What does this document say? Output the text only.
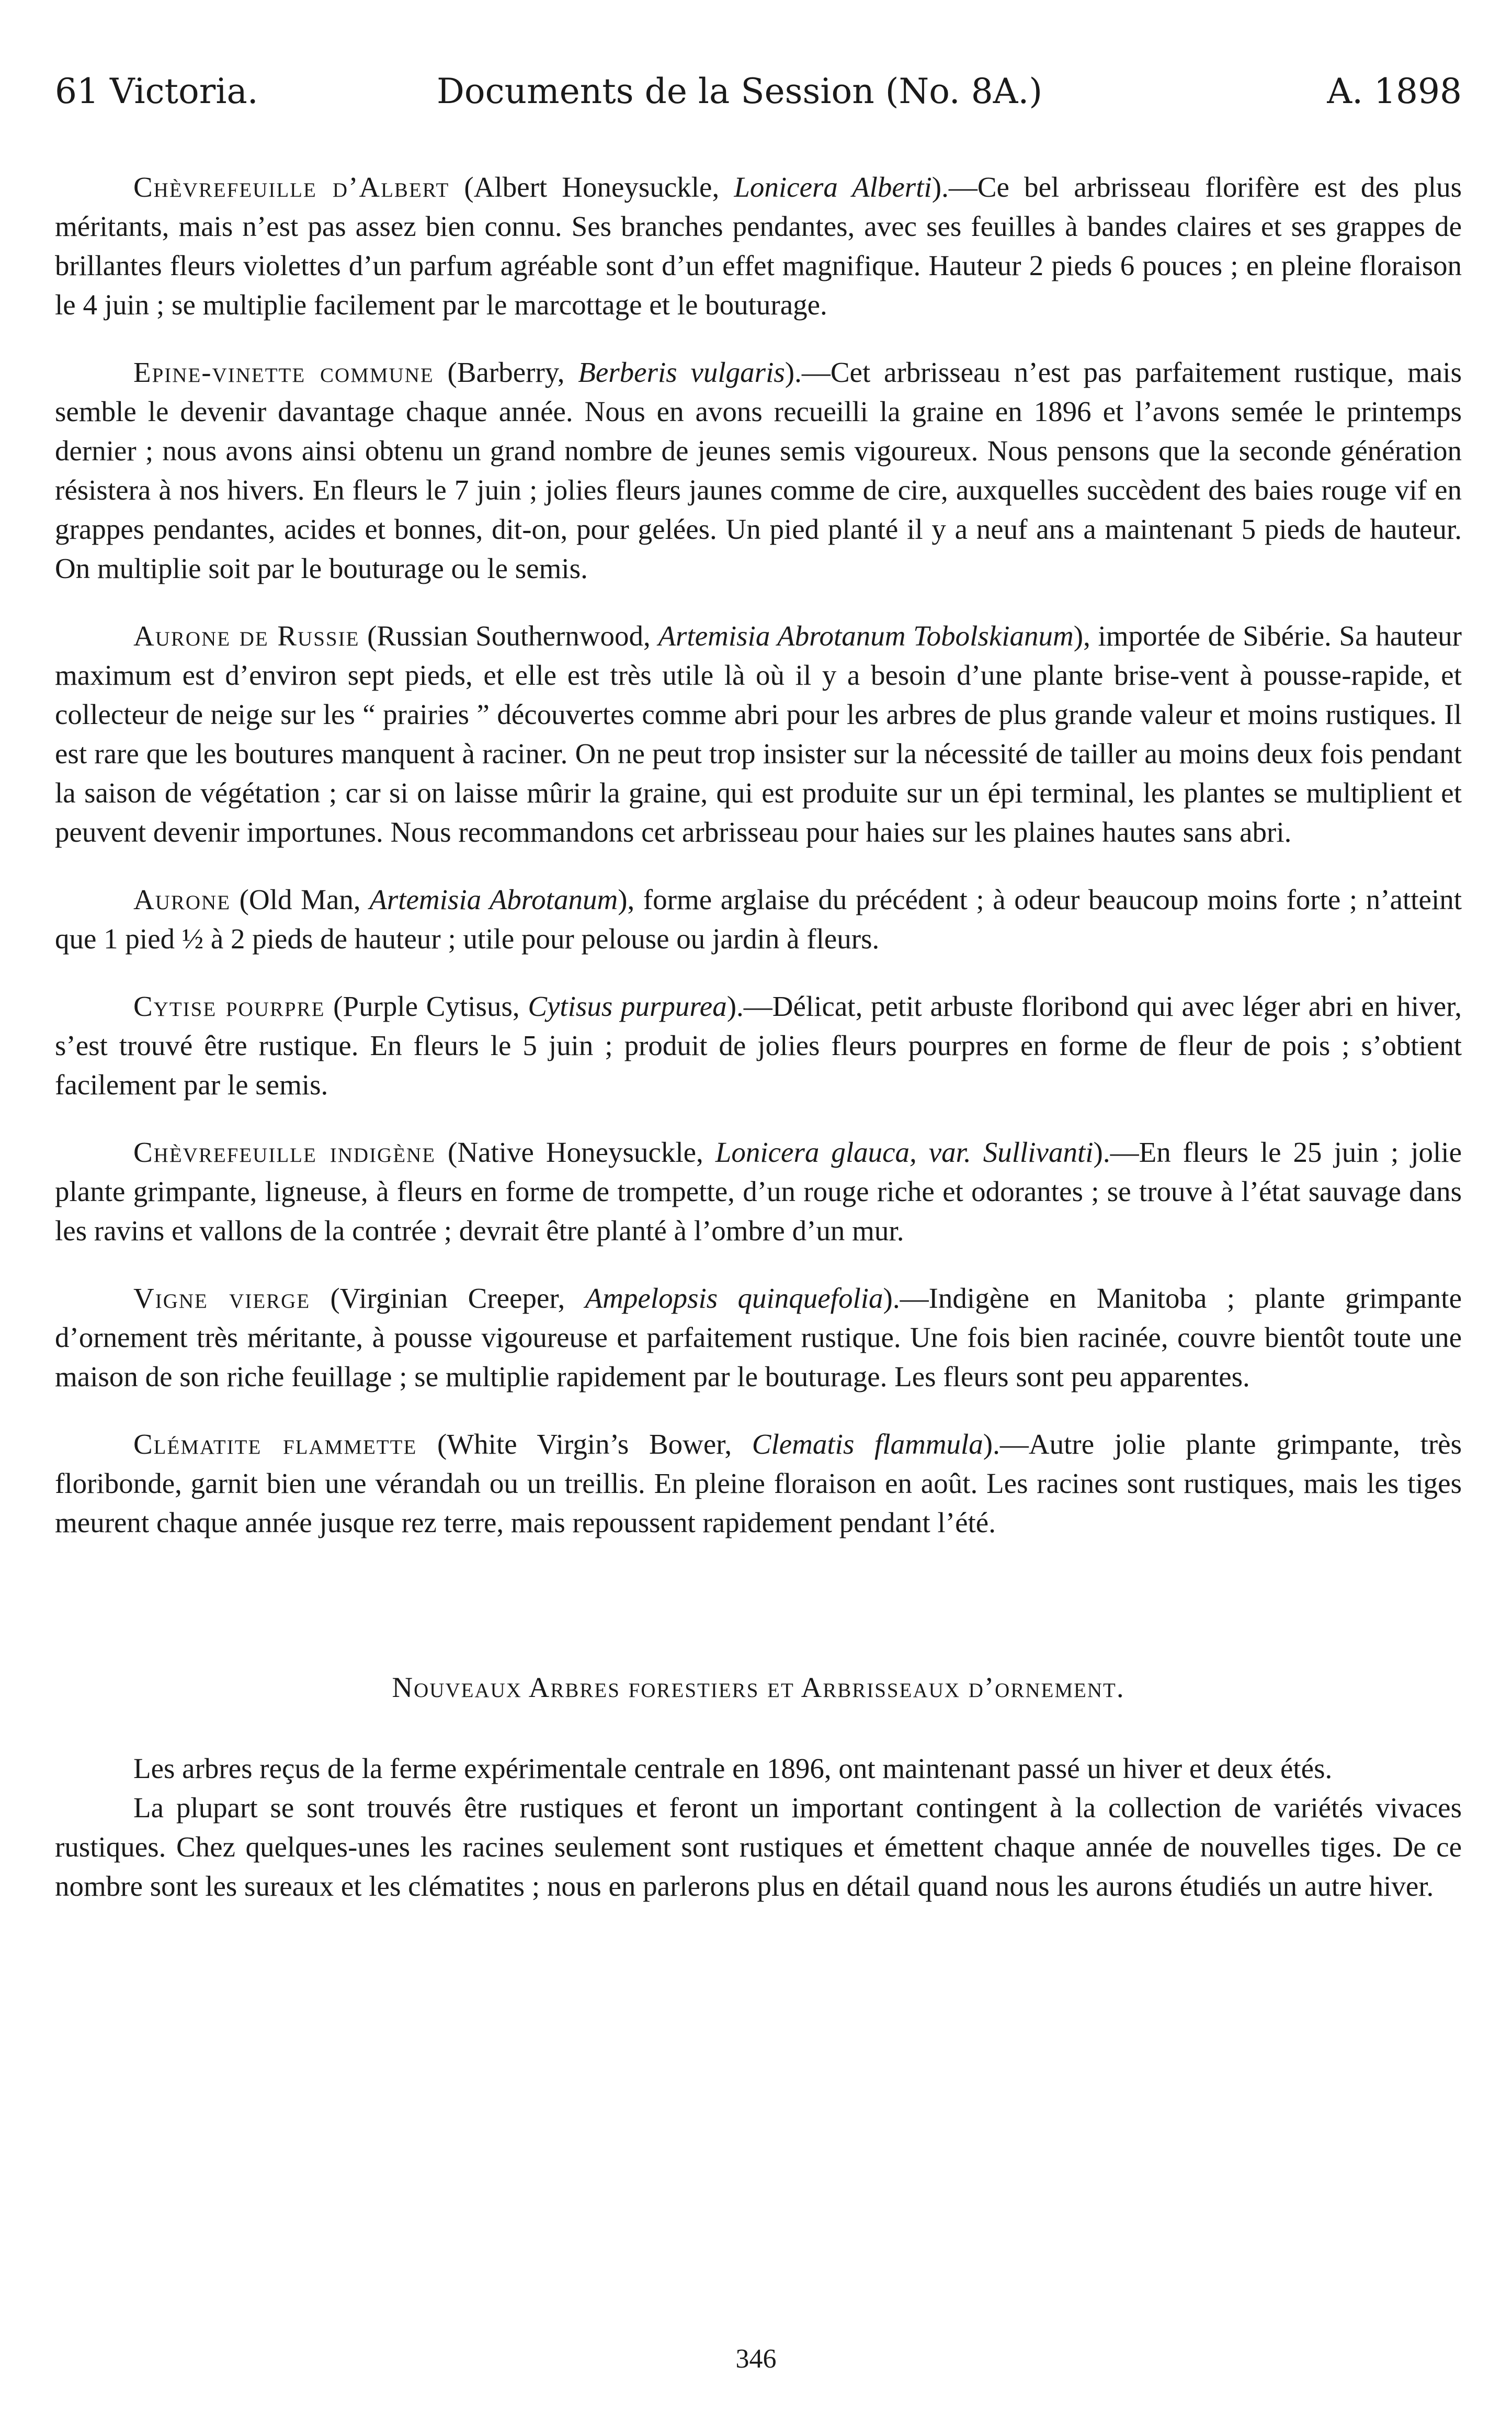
61 Victoria.	Documents de la Session (No. 8A.)	A. 1898

Chèvrefeuille d’Albert (Albert Honeysuckle, Lonicera Alberti).—Ce bel arbrisseau florifère est des plus méritants, mais n’est pas assez bien connu. Ses branches pendantes, avec ses feuilles à bandes claires et ses grappes de brillantes fleurs violettes d’un parfum agréable sont d’un effet magnifique. Hauteur 2 pieds 6 pouces ; en pleine floraison le 4 juin ; se multiplie facilement par le marcottage et le bouturage.

Epine-vinette commune (Barberry, Berberis vulgaris).—Cet arbrisseau n’est pas parfaitement rustique, mais semble le devenir davantage chaque année. Nous en avons recueilli la graine en 1896 et l’avons semée le printemps dernier ; nous avons ainsi obtenu un grand nombre de jeunes semis vigoureux. Nous pensons que la seconde génération résistera à nos hivers. En fleurs le 7 juin ; jolies fleurs jaunes comme de cire, auxquelles succèdent des baies rouge vif en grappes pendantes, acides et bonnes, dit-on, pour gelées. Un pied planté il y a neuf ans a maintenant 5 pieds de hauteur. On multiplie soit par le bouturage ou le semis.

Aurone de Russie (Russian Southernwood, Artemisia Abrotanum Tobolskianum), importée de Sibérie. Sa hauteur maximum est d’environ sept pieds, et elle est très utile là où il y a besoin d’une plante brise-vent à pousse-rapide, et collecteur de neige sur les “ prairies ” découvertes comme abri pour les arbres de plus grande valeur et moins rustiques. Il est rare que les boutures manquent à raciner. On ne peut trop insister sur la nécessité de tailler au moins deux fois pendant la saison de végétation ; car si on laisse mûrir la graine, qui est produite sur un épi terminal, les plantes se multiplient et peuvent devenir importunes. Nous recommandons cet arbrisseau pour haies sur les plaines hautes sans abri.

Aurone (Old Man, Artemisia Abrotanum), forme arglaise du précédent ; à odeur beaucoup moins forte ; n’atteint que 1 pied ½ à 2 pieds de hauteur ; utile pour pelouse ou jardin à fleurs.

Cytise pourpre (Purple Cytisus, Cytisus purpurea).—Délicat, petit arbuste floribond qui avec léger abri en hiver, s’est trouvé être rustique. En fleurs le 5 juin ; produit de jolies fleurs pourpres en forme de fleur de pois ; s’obtient facilement par le semis.

Chèvrefeuille indigène (Native Honeysuckle, Lonicera glauca, var. Sullivanti).—En fleurs le 25 juin ; jolie plante grimpante, ligneuse, à fleurs en forme de trompette, d’un rouge riche et odorantes ; se trouve à l’état sauvage dans les ravins et vallons de la contrée ; devrait être planté à l’ombre d’un mur.

Vigne vierge (Virginian Creeper, Ampelopsis quinquefolia).—Indigène en Manitoba ; plante grimpante d’ornement très méritante, à pousse vigoureuse et parfaitement rustique. Une fois bien racinée, couvre bientôt toute une maison de son riche feuillage ; se multiplie rapidement par le bouturage. Les fleurs sont peu apparentes.

Clématite flammette (White Virgin’s Bower, Clematis flammula).—Autre jolie plante grimpante, très floribonde, garnit bien une vérandah ou un treillis. En pleine floraison en août. Les racines sont rustiques, mais les tiges meurent chaque année jusque rez terre, mais repoussent rapidement pendant l’été.

Nouveaux Arbres forestiers et Arbrisseaux d’ornement.

Les arbres reçus de la ferme expérimentale centrale en 1896, ont maintenant passé un hiver et deux étés.

La plupart se sont trouvés être rustiques et feront un important contingent à la collection de variétés vivaces rustiques. Chez quelques-unes les racines seulement sont rustiques et émettent chaque année de nouvelles tiges. De ce nombre sont les sureaux et les clématites ; nous en parlerons plus en détail quand nous les aurons étudiés un autre hiver.

346
